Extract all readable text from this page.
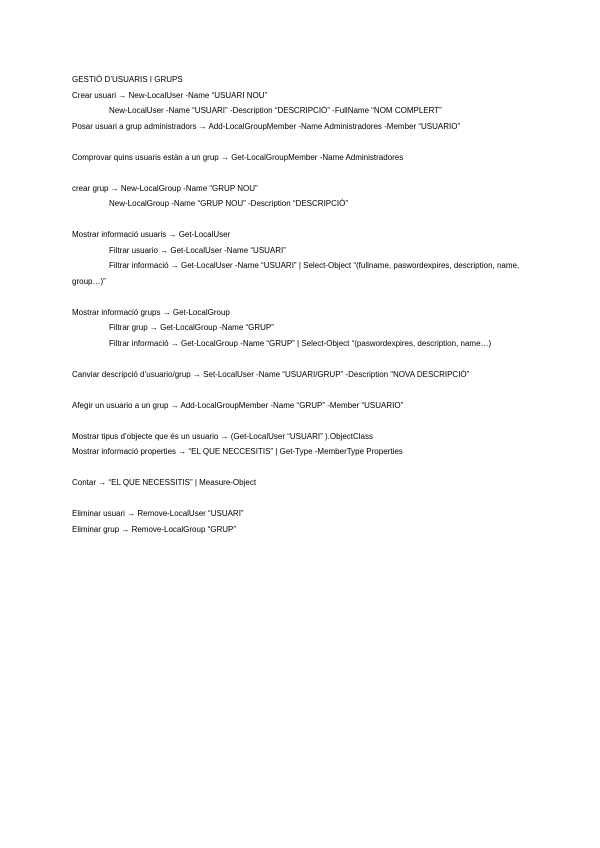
GESTIÓ D’USUARIS I GRUPS
Crear usuari → New-LocalUser -Name “USUARI NOU”
New-LocalUser -Name “USUARI” -Description “DESCRIPCIÓ” -FullName “NOM COMPLERT”
Posar usuari a grup administradors → Add-LocalGroupMember -Name Administradores -Member “USUARIO”
Comprovar quins usuaris estàn a un grup → Get-LocalGroupMember -Name Administradores
crear grup → New-LocalGroup -Name “GRUP NOU”
New-LocalGroup -Name “GRUP NOU” -Description “DESCRIPCIÓ”
Mostrar informació usuaris → Get-LocalUser
Filtrar usuario → Get-LocalUser -Name “USUARI”
Filtrar informació → Get-LocalUser -Name “USUARI” | Select-Object “(fullname, paswordexpires, description, name, group…)”
Mostrar informació grups → Get-LocalGroup
Filtrar grup → Get-LocalGroup -Name “GRUP”
Filtrar informació → Get-LocalGroup -Name “GRUP” | Select-Object “(paswordexpires, description, name…)
Canviar descripció d’usuario/grup → Set-LocalUser -Name “USUARI/GRUP” -Description “NOVA DESCRIPCIÓ”
Afegir un usuario a un grup → Add-LocalGroupMember -Name “GRUP” -Member “USUARIO”
Mostrar tipus d’objecte que és un usuario → (Get-LocalUser “USUARI” ).ObjectClass
Mostrar informació properties → “EL QUE NECCESITIS” | Get-Type -MemberType Properties
Contar → “EL QUE NECESSITIS” | Measure-Object
Eliminar usuari → Remove-LocalUser “USUARI”
Eliminar grup → Remove-LocalGroup “GRUP”
